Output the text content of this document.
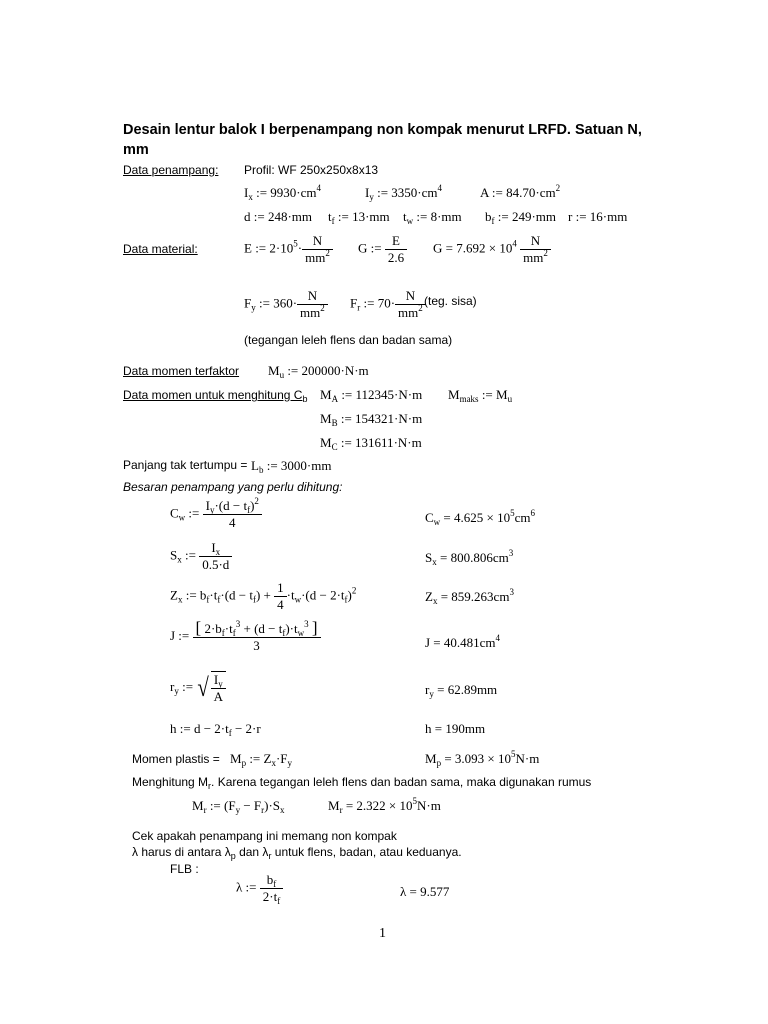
Desain lentur balok I berpenampang non kompak menurut LRFD. Satuan N, mm
Data penampang: Profil: WF 250x250x8x13
$I_x$ := $9930\cdot cm^4$	$I_y$ := $3350\cdot cm^4$	A := $84.70\cdot cm^2$
d := 248·mm $t_f$ := 13·mm $t_w$ := 8·mm $b_f$ := 249·mm r := 16·mm
Data material:	E := $2\cdot 10^5\cdot \frac{N}{mm^2}$ G := $\frac{E}{2.6}$ $G = 7.692 \times 10^4 \frac{N}{mm^2}$
$F_y$ := $360\cdot \frac{N}{mm^2} F_r$ := $70\cdot \frac{N}{mm^2}$
(teg. sisa)
(tegangan leleh flens dan badan sama)
Data momen terfaktor $M_u$ := 200000·N·m
Data momen untuk menghitung $C_b$ $M_A$ := 112345·N·m $M_{maks}$ := $M_u$
$M_B$ := 154321·N·m
$M_C$ := 131611·N·m
Panjang tak tertumpu = $L_b$ := 3000·mm
Besaran penampang yang perlu dihitung:
$C_w$ := $\frac{I_y\cdot(d - t_f)^2}{4}$	$C_w = 4.625 \times 10^5cm^6$
$S_x$ := $\frac{I_x}{0.5\cdot d}$	$S_x = 800.806cm^3$
$Z_x$ := $b_f\cdot t_f\cdot(d - t_f) + \frac{1}{4} \cdot t_w\cdot(d - 2\cdot t_f)^2$	$Z_x = 859.263cm^3$
J := $\frac{[ 2\cdot b_f\cdot t_f^3 + (d - t_f)\cdot t_w^3 ]}{3}$	$J = 40.481cm^4$
$r_y$ := √ $\frac{I_y}{A}$	$r_y = 62.89mm$
h := $d - 2\cdot t_f - 2\cdot r$	h = 190mm
Momen plastis = $M_p$ := $Z_x\cdot F_y$	$M_p = 3.093 \times 10^5N\cdot m$
Menghitung $M_r$. Karena tegangan leleh flens dan badan sama, maka digunakan rumus
$M_r$ := $(F_y - F_r)\cdot S_x$	$M_r = 2.322 \times 10^5N\cdot m$
Cek apakah penampang ini memang non kompak
λ harus di antara $\lambda_p$ dan $\lambda_r$ untuk flens, badan, atau keduanya.
FLB :
λ := $\frac{b_f}{2\cdot t_f}$	λ = 9.577
1
